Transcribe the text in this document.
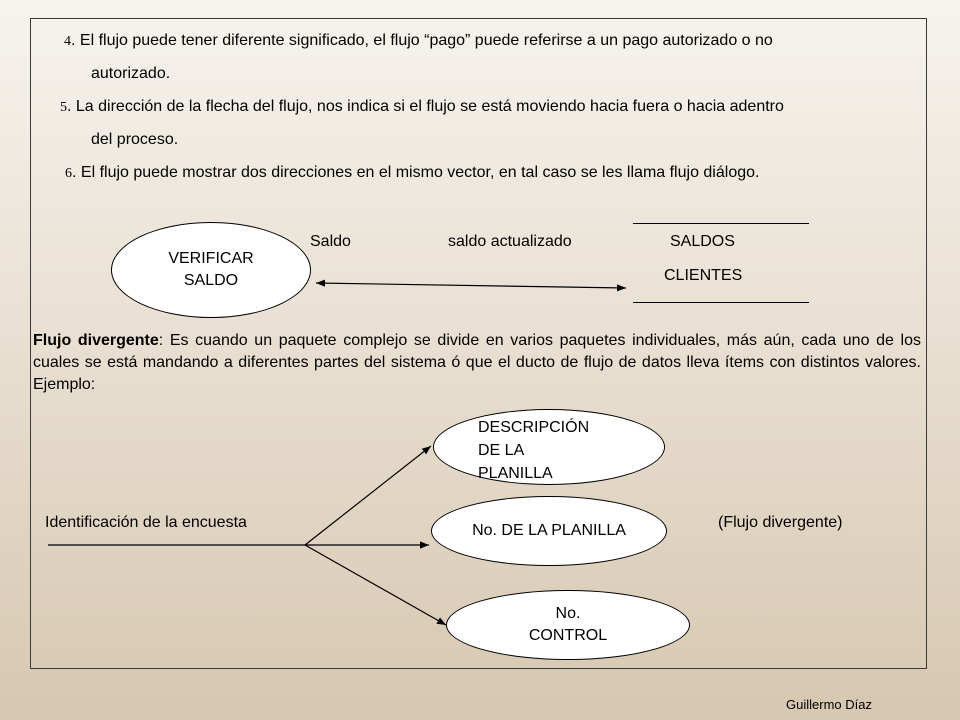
4. El flujo puede tener diferente significado, el flujo “pago” puede referirse a un pago autorizado o no
autorizado.
5. La dirección de la flecha del flujo, nos indica si el flujo se está moviendo hacia fuera o hacia adentro
del proceso.
6. El flujo puede mostrar dos direcciones en el mismo vector, en tal caso se les llama flujo diálogo.
VERIFICAR
SALDO
Saldo	saldo actualizado	SALDOS
CLIENTES
Flujo divergente: Es cuando un paquete complejo se divide en varios paquetes individuales, más aún, cada uno de los cuales se está mandando a diferentes partes del sistema ó que el ducto de flujo de datos lleva ítems con distintos valores. Ejemplo:
Identificación de la encuesta	(Flujo divergente)
DESCRIPCIÓN
DE LA
PLANILLA
No. DE LA PLANILLA
No.
CONTROL
Guillermo Díaz
